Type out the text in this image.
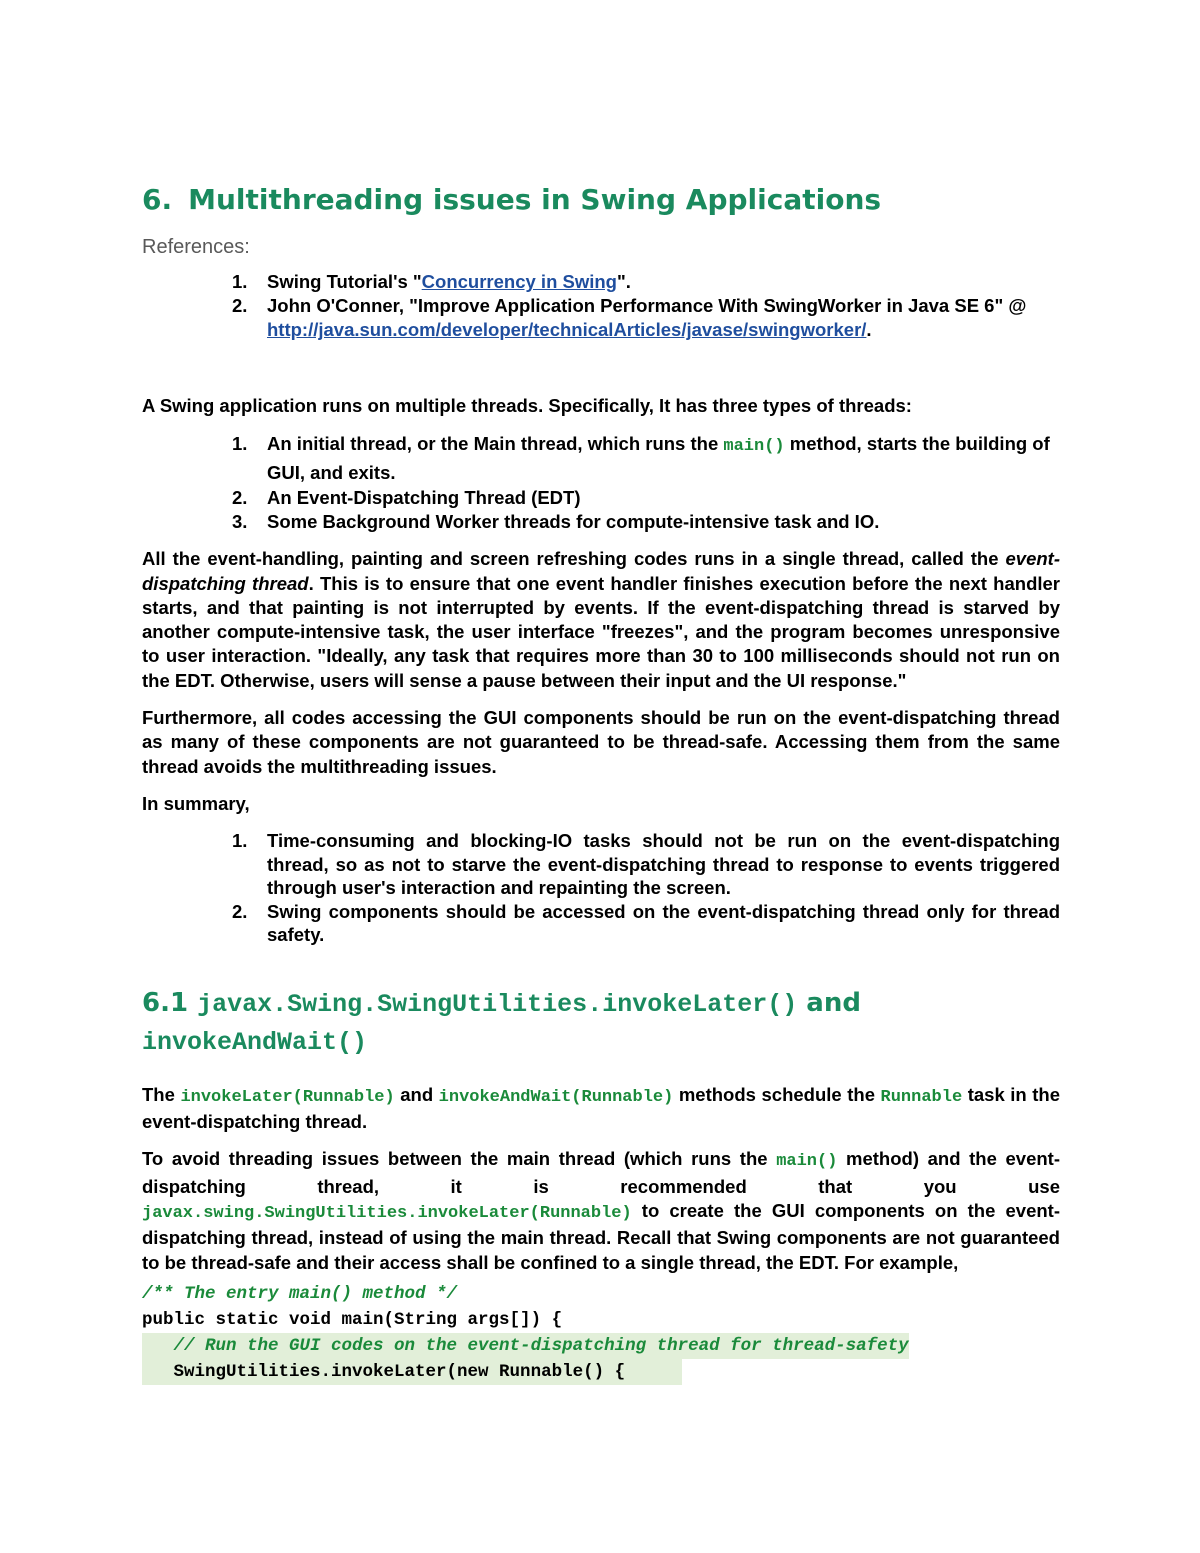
6. Multithreading issues in Swing Applications
References:
1. Swing Tutorial's "Concurrency in Swing".
2. John O'Conner, "Improve Application Performance With SwingWorker in Java SE 6" @ http://java.sun.com/developer/technicalArticles/javase/swingworker/.

A Swing application runs on multiple threads. Specifically, It has three types of threads:

1. An initial thread, or the Main thread, which runs the main() method, starts the building of GUI, and exits.
2. An Event-Dispatching Thread (EDT)
3. Some Background Worker threads for compute-intensive task and IO.

All the event-handling, painting and screen refreshing codes runs in a single thread, called the event-dispatching thread. This is to ensure that one event handler finishes execution before the next handler starts, and that painting is not interrupted by events. If the event-dispatching thread is starved by another compute-intensive task, the user interface "freezes", and the program becomes unresponsive to user interaction. "Ideally, any task that requires more than 30 to 100 milliseconds should not run on the EDT. Otherwise, users will sense a pause between their input and the UI response."

Furthermore, all codes accessing the GUI components should be run on the event-dispatching thread as many of these components are not guaranteed to be thread-safe. Accessing them from the same thread avoids the multithreading issues.

In summary,

1. Time-consuming and blocking-IO tasks should not be run on the event-dispatching thread, so as not to starve the event-dispatching thread to response to events triggered through user's interaction and repainting the screen.
2. Swing components should be accessed on the event-dispatching thread only for thread safety.
6.1 javax.Swing.SwingUtilities.invokeLater() and
invokeAndWait()

The invokeLater(Runnable) and invokeAndWait(Runnable) methods schedule the Runnable task in the event-dispatching thread.

To avoid threading issues between the main thread (which runs the main() method) and the event-dispatching thread, it is recommended that you use javax.swing.SwingUtilities.invokeLater(Runnable) to create the GUI components on the event-dispatching thread, instead of using the main thread. Recall that Swing components are not guaranteed to be thread-safe and their access shall be confined to a single thread, the EDT. For example,

/** The entry main() method */
public static void main(String args[]) {
// Run the GUI codes on the event-dispatching thread for thread-safety
SwingUtilities.invokeLater(new Runnable() {
